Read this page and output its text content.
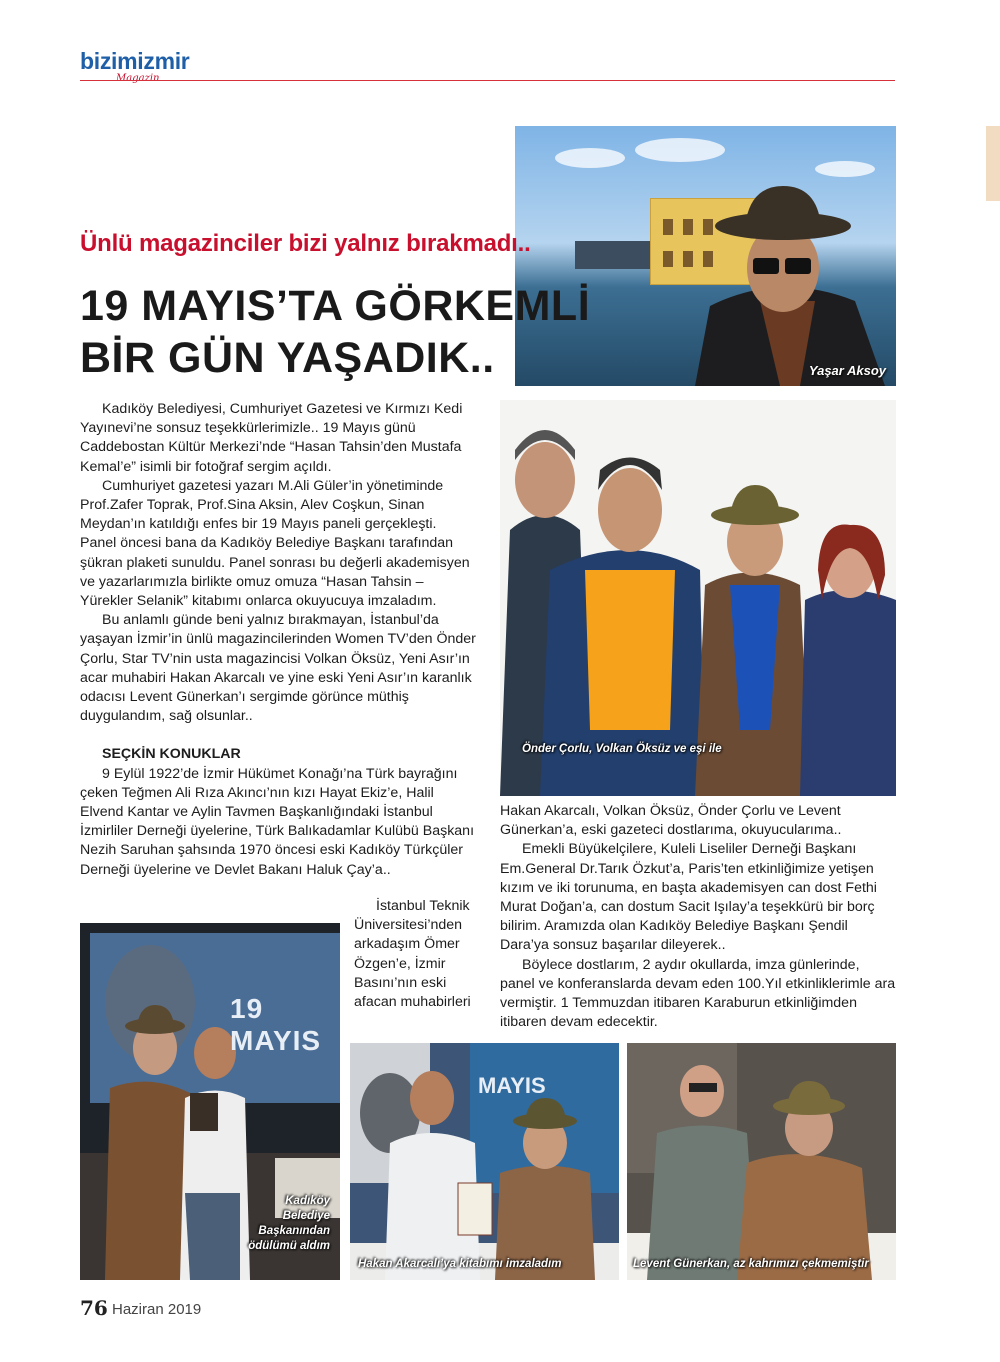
bizimizmir
Magazin
Yaşar Aksoy
Ünlü magazinciler bizi yalnız bırakmadı..
19 MAYIS’TA GÖRKEMLİ
BİR GÜN YAŞADIK..

Kadıköy Belediyesi, Cumhuriyet Gazetesi ve Kırmızı Kedi Yayınevi’ne sonsuz teşekkürlerimizle.. 19 Mayıs günü Caddebostan Kültür Merkezi’nde “Hasan Tahsin’den Mustafa Kemal’e” isimli bir fotoğraf sergim açıldı.

Cumhuriyet gazetesi yazarı M.Ali Güler’in yönetiminde Prof.Zafer Toprak, Prof.Sina Aksin, Alev Coşkun, Sinan Meydan’ın katıldığı enfes bir 19 Mayıs paneli gerçekleşti. Panel öncesi bana da Kadıköy Belediye Başkanı tarafından şükran plaketi sunuldu. Panel sonrası bu değerli akademisyen ve yazarlarımızla birlikte omuz omuza “Hasan Tahsin – Yürekler Selanik” kitabımı onlarca okuyucuya imzaladım.

Bu anlamlı günde beni yalnız bırakmayan, İstanbul’da yaşayan İzmir’in ünlü magazincilerinden Women TV’den Önder Çorlu, Star TV’nin usta magazincisi Volkan Öksüz, Yeni Asır’ın acar muhabiri Hakan Akarcalı ve yine eski Yeni Asır’ın karanlık odacısı Levent Günerkan’ı sergimde görünce müthiş duygulandım, sağ olsunlar..

SEÇKİN KONUKLAR

9 Eylül 1922’de İzmir Hükümet Konağı’na Türk bayrağını çeken Teğmen Ali Rıza Akıncı’nın kızı Hayat Ekiz’e, Halil Elvend Kantar ve Aylin Tavmen Başkanlığındaki İstanbul İzmirliler Derneği üyelerine, Türk Balıkadamlar Kulübü Başkanı Nezih Saruhan şahsında 1970 öncesi eski Kadıköy Türkçüler Derneği üyelerine ve Devlet Bakanı Haluk Çay’a..

İstanbul Teknik Üniversitesi’nden arkadaşım Ömer Özgen’e, İzmir Basını’nın eski afacan muhabirleri

Hakan Akarcalı, Volkan Öksüz, Önder Çorlu ve Levent Günerkan’a, eski gazeteci dostlarıma, okuyucularıma..

Emekli Büyükelçilere, Kuleli Liseliler Derneği Başkanı Em.General Dr.Tarık Özkut’a, Paris’ten etkinliğimize yetişen kızım ve iki torunuma, en başta akademisyen can dost Fethi Murat Doğan’a, can dostum Sacit Işılay’a teşekkürü bir borç bilirim. Aramızda olan Kadıköy Belediye Başkanı Şendil Dara’ya sonsuz başarılar dileyerek..

Böylece dostlarım, 2 aydır okullarda, imza günlerinde, panel ve konferanslarda devam eden 100.Yıl etkinliklerimle ara vermiştir. 1 Temmuzdan itibaren Karaburun etkinliğimden itibaren devam edecektir.

Önder Çorlu, Volkan Öksüz ve eşi ile
19 MAYIS
Kadıköy Belediye Başkanından ödülümü aldım
MAYIS
Hakan Akarcalı’ya kitabımı imzaladım	Levent Günerkan, az kahrımızı çekmemiştir
76 Haziran 2019
